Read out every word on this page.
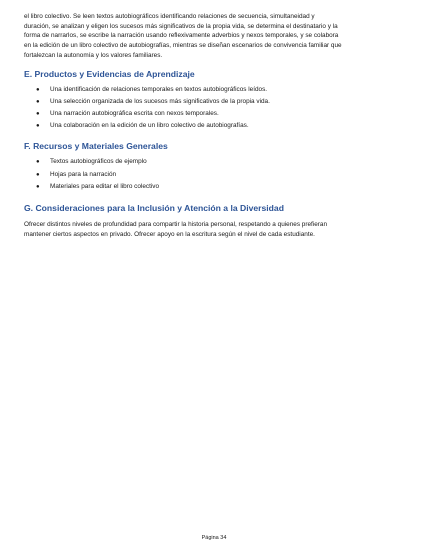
el libro colectivo. Se leen textos autobiográficos identificando relaciones de secuencia, simultaneidad y
duración, se analizan y eligen los sucesos más significativos de la propia vida, se determina el destinatario y la
forma de narrarlos, se escribe la narración usando reflexivamente adverbios y nexos temporales, y se colabora
en la edición de un libro colectivo de autobiografías, mientras se diseñan escenarios de convivencia familiar que
fortalezcan la autonomía y los valores familiares.

E. Productos y Evidencias de Aprendizaje
● Una identificación de relaciones temporales en textos autobiográficos leídos.
● Una selección organizada de los sucesos más significativos de la propia vida.
● Una narración autobiográfica escrita con nexos temporales.
● Una colaboración en la edición de un libro colectivo de autobiografías.
F. Recursos y Materiales Generales
● Textos autobiográficos de ejemplo
● Hojas para la narración
● Materiales para editar el libro colectivo
G. Consideraciones para la Inclusión y Atención a la Diversidad

Ofrecer distintos niveles de profundidad para compartir la historia personal, respetando a quienes prefieran
mantener ciertos aspectos en privado. Ofrecer apoyo en la escritura según el nivel de cada estudiante.

Página 34
